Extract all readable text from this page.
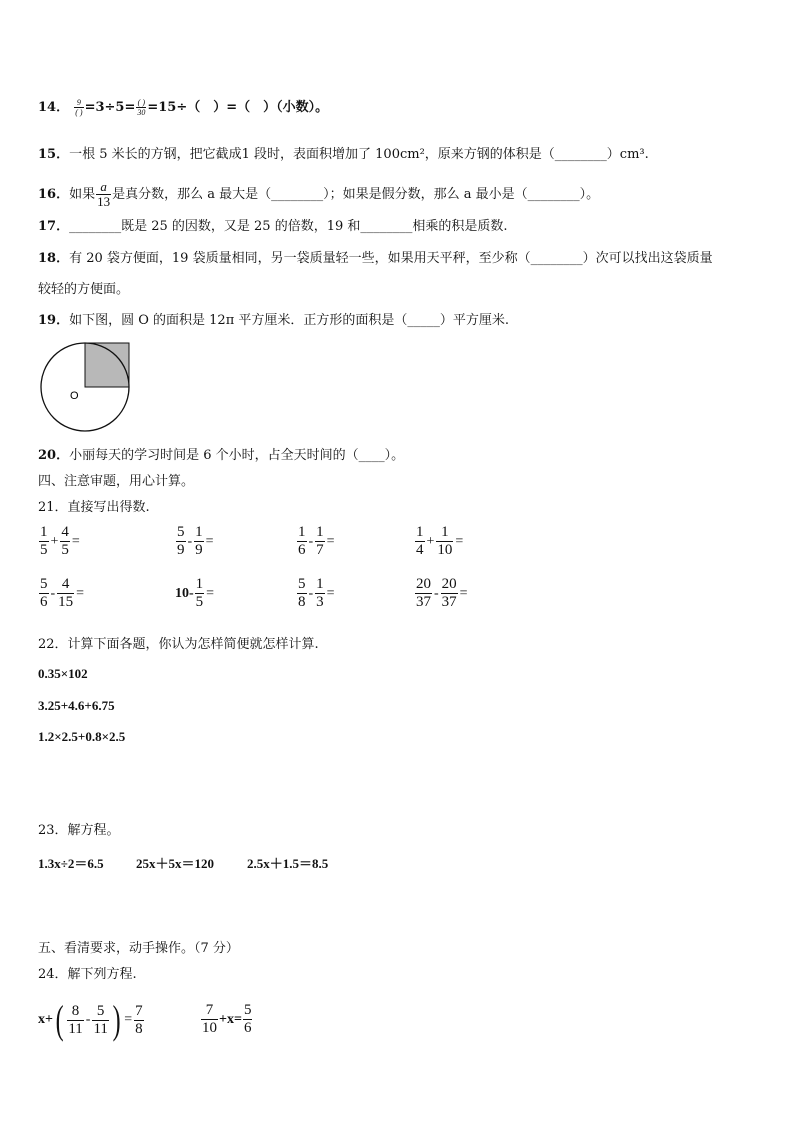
14． $\frac{9}{( )} =3\div 5= \frac{( )}{30} =15\div$（　）=（　）（小数）。
15．一根 5 米长的方钢，把它截成1 段时，表面积增加了 100cm²，原来方钢的体积是（________）cm³.
16．如果 $\frac{a}{13}$ 是真分数，那么 a 最大是（________）；如果是假分数，那么 a 最小是（________）。
17．________既是 25 的因数，又是 25 的倍数，19 和________相乘的积是质数.
18．有 20 袋方便面，19 袋质量相同，另一袋质量轻一些，如果用天平秤，至少称（________）次可以找出这袋质量
较轻的方便面。
19．如下图，圆 O 的面积是 12π 平方厘米．正方形的面积是（_____）平方厘米.
O
20．小丽每天的学习时间是 6 个小时，占全天时间的（____）。
四、注意审题，用心计算。
21．直接写出得数.
$\frac{1}{5} + \frac{4}{5}$ =	$\frac{5}{9} - \frac{1}{9}$ =	$\frac{1}{6} - \frac{1}{7}$ =	$\frac{1}{4} + \frac{1}{10}$ =
$\frac{5}{6} - \frac{4}{15}$ =	$10- \frac{1}{5}$ =	$\frac{5}{8} - \frac{1}{3}$ =	$\frac{20}{37} - \frac{20}{37}$ =
22．计算下面各题，你认为怎样简便就怎样计算.
0.35×102
3.25+4.6+6.75
1.2×2.5+0.8×2.5
23．解方程。
1.3x÷2＝6.5 25x＋5x＝120	2.5x＋1.5＝8.5
五、看清要求，动手操作。（7 分）
24．解下列方程.
x+ ( $\frac{8}{11} - \frac{5}{11}$ ) = $\frac{7}{8}$	$\frac{7}{10} +x= \frac{5}{6}$
